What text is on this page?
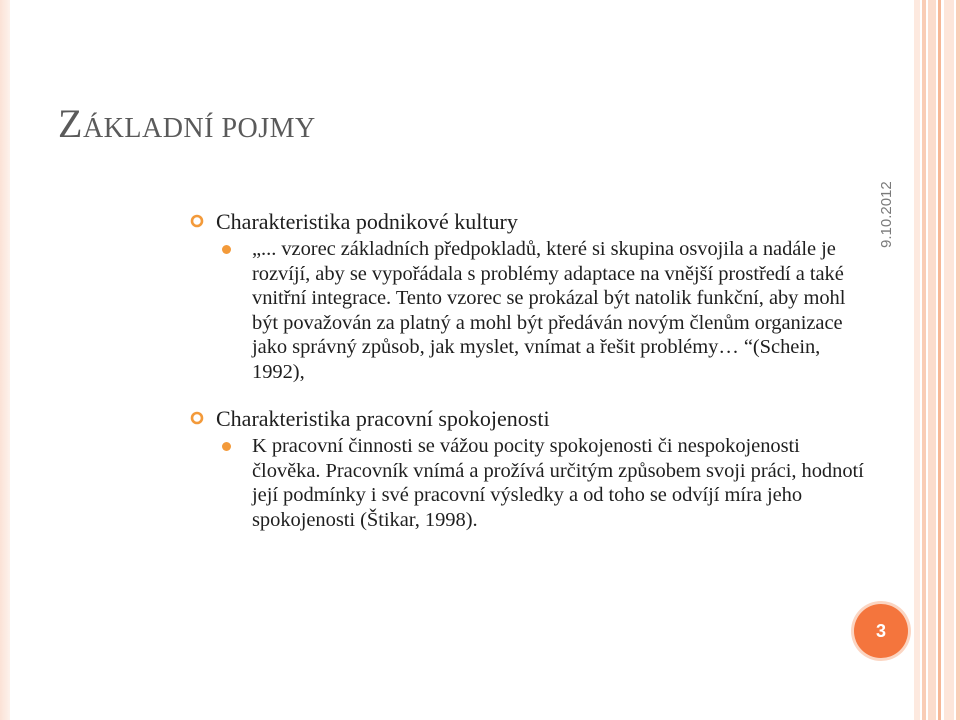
ZÁKLADNÍ POJMY
9.10.2012

Charakteristika podnikové kultury

„... vzorec základních předpokladů, které si skupina osvojila a nadále je rozvíjí, aby se vypořádala s problémy adaptace na vnější prostředí a také vnitřní integrace. Tento vzorec se prokázal být natolik funkční, aby mohl být považován za platný a mohl být předáván novým členům organizace jako správný způsob, jak myslet, vnímat a řešit problémy… “(Schein, 1992),

Charakteristika pracovní spokojenosti

K pracovní činnosti se vážou pocity spokojenosti či nespokojenosti člověka. Pracovník vnímá a prožívá určitým způsobem svoji práci, hodnotí její podmínky i své pracovní výsledky a od toho se odvíjí míra jeho spokojenosti (Štikar, 1998).

3
